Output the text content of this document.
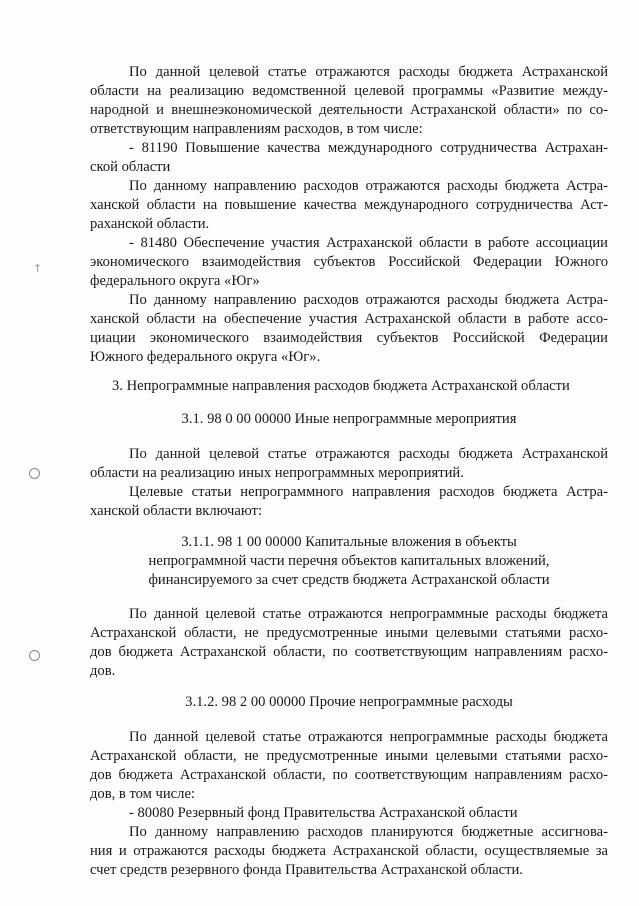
↑

По данной целевой статье отражаются расходы бюджета Астраханской

области на реализацию ведомственной целевой программы «Развитие между-

народной и внешнеэкономической деятельности Астраханской области» по со-

ответствующим направлениям расходов, в том числе:

- 81190 Повышение качества международного сотрудничества Астрахан-

ской области

По данному направлению расходов отражаются расходы бюджета Астра-

ханской области на повышение качества международного сотрудничества Аст-

раханской области.

- 81480 Обеспечение участия Астраханской области в работе ассоциации

экономического взаимодействия субъектов Российской Федерации Южного

федерального округа «Юг»

По данному направлению расходов отражаются расходы бюджета Астра-

ханской области на обеспечение участия Астраханской области в работе ассо-

циации экономического взаимодействия субъектов Российской Федерации

Южного федерального округа «Юг».

3. Непрограммные направления расходов бюджета Астраханской области

3.1. 98 0 00 00000 Иные непрограммные мероприятия

По данной целевой статье отражаются расходы бюджета Астраханской

области на реализацию иных непрограммных мероприятий.

Целевые статьи непрограммного направления расходов бюджета Астра-

ханской области включают:

3.1.1. 98 1 00 00000 Капитальные вложения в объекты

непрограммной части перечня объектов капитальных вложений,

финансируемого за счет средств бюджета Астраханской области

По данной целевой статье отражаются непрограммные расходы бюджета

Астраханской области, не предусмотренные иными целевыми статьями расхо-

дов бюджета Астраханской области, по соответствующим направлениям расхо-

дов.

3.1.2. 98 2 00 00000 Прочие непрограммные расходы

По данной целевой статье отражаются непрограммные расходы бюджета

Астраханской области, не предусмотренные иными целевыми статьями расхо-

дов бюджета Астраханской области, по соответствующим направлениям расхо-

дов, в том числе:

- 80080 Резервный фонд Правительства Астраханской области

По данному направлению расходов планируются бюджетные ассигнова-

ния и отражаются расходы бюджета Астраханской области, осуществляемые за

счет средств резервного фонда Правительства Астраханской области.
